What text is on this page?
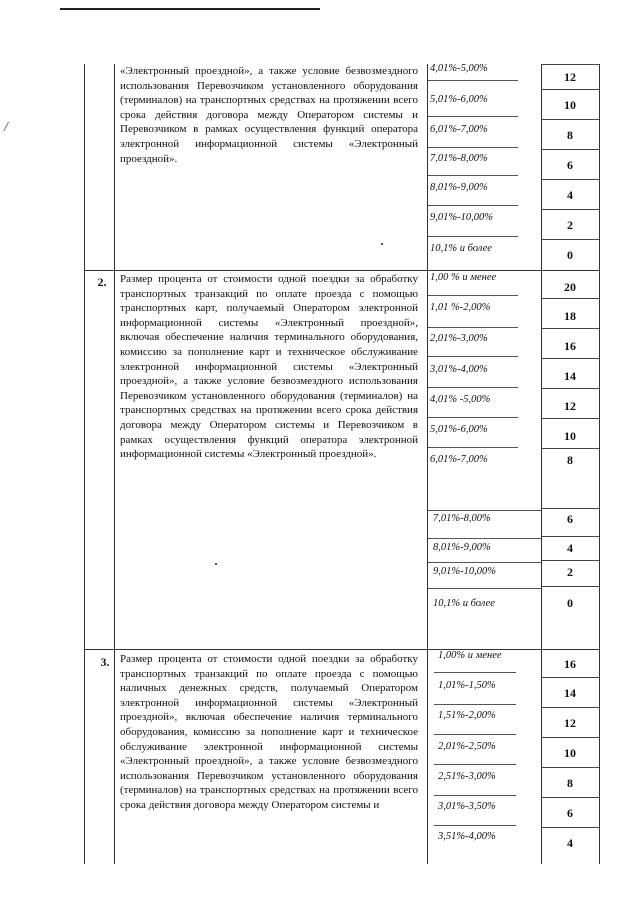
/

«Электронный проездной», а также условие безвозмездного использования Перевозчиком установленного оборудования (терминалов) на транспортных средствах на протяжении всего срока действия договора между Оператором системы и Перевозчиком в рамках осуществления функций оператора электронной информационной системы «Электронный проездной».

4,01%-5,00%
5,01%-6,00%
6,01%-7,00%
7,01%-8,00%
8,01%-9,00%
9,01%-10,00%
10,1% и более
12
10
8
6
4
2
0
2.	Размер процента от стоимости одной поездки за обработку транспортных транзакций по оплате проезда с помощью транспортных карт, получаемый Оператором электронной информационной системы «Электронный проездной», включая обеспечение наличия терминального оборудования, комиссию за пополнение карт и техническое обслуживание электронной информационной системы «Электронный проездной», а также условие безвозмездного использования Перевозчиком установленного оборудования (терминалов) на транспортных средствах на протяжении всего срока действия договора между Оператором системы и Перевозчиком в рамках осуществления функций оператора электронной информационной системы «Электронный проездной».

1,00 % и менее
1,01 %-2,00%
2,01%-3,00%
3,01%-4,00%
4,01% -5,00%
5,01%-6,00%
6,01%-7,00%
7,01%-8,00%
8,01%-9,00%
9,01%-10,00%
10,1% и более
20
18
16
14
12
10
8
6
4
2
0
3. Размер процента от стоимости одной поездки за обработку транспортных транзакций по оплате проезда с помощью наличных денежных средств, получаемый Оператором электронной информационной системы «Электронный проездной», включая обеспечение наличия терминального оборудования, комиссию за пополнение карт и техническое обслуживание электронной информационной системы «Электронный проездной», а также условие безвозмездного использования Перевозчиком установленного оборудования (терминалов) на транспортных средствах на протяжении всего срока действия договора между Оператором системы и

1,00% и менее
1,01%-1,50%
1,51%-2,00%
2,01%-2,50%
2,51%-3,00%
3,01%-3,50%
3,51%-4,00%
16
14
12
10
8
6
4
